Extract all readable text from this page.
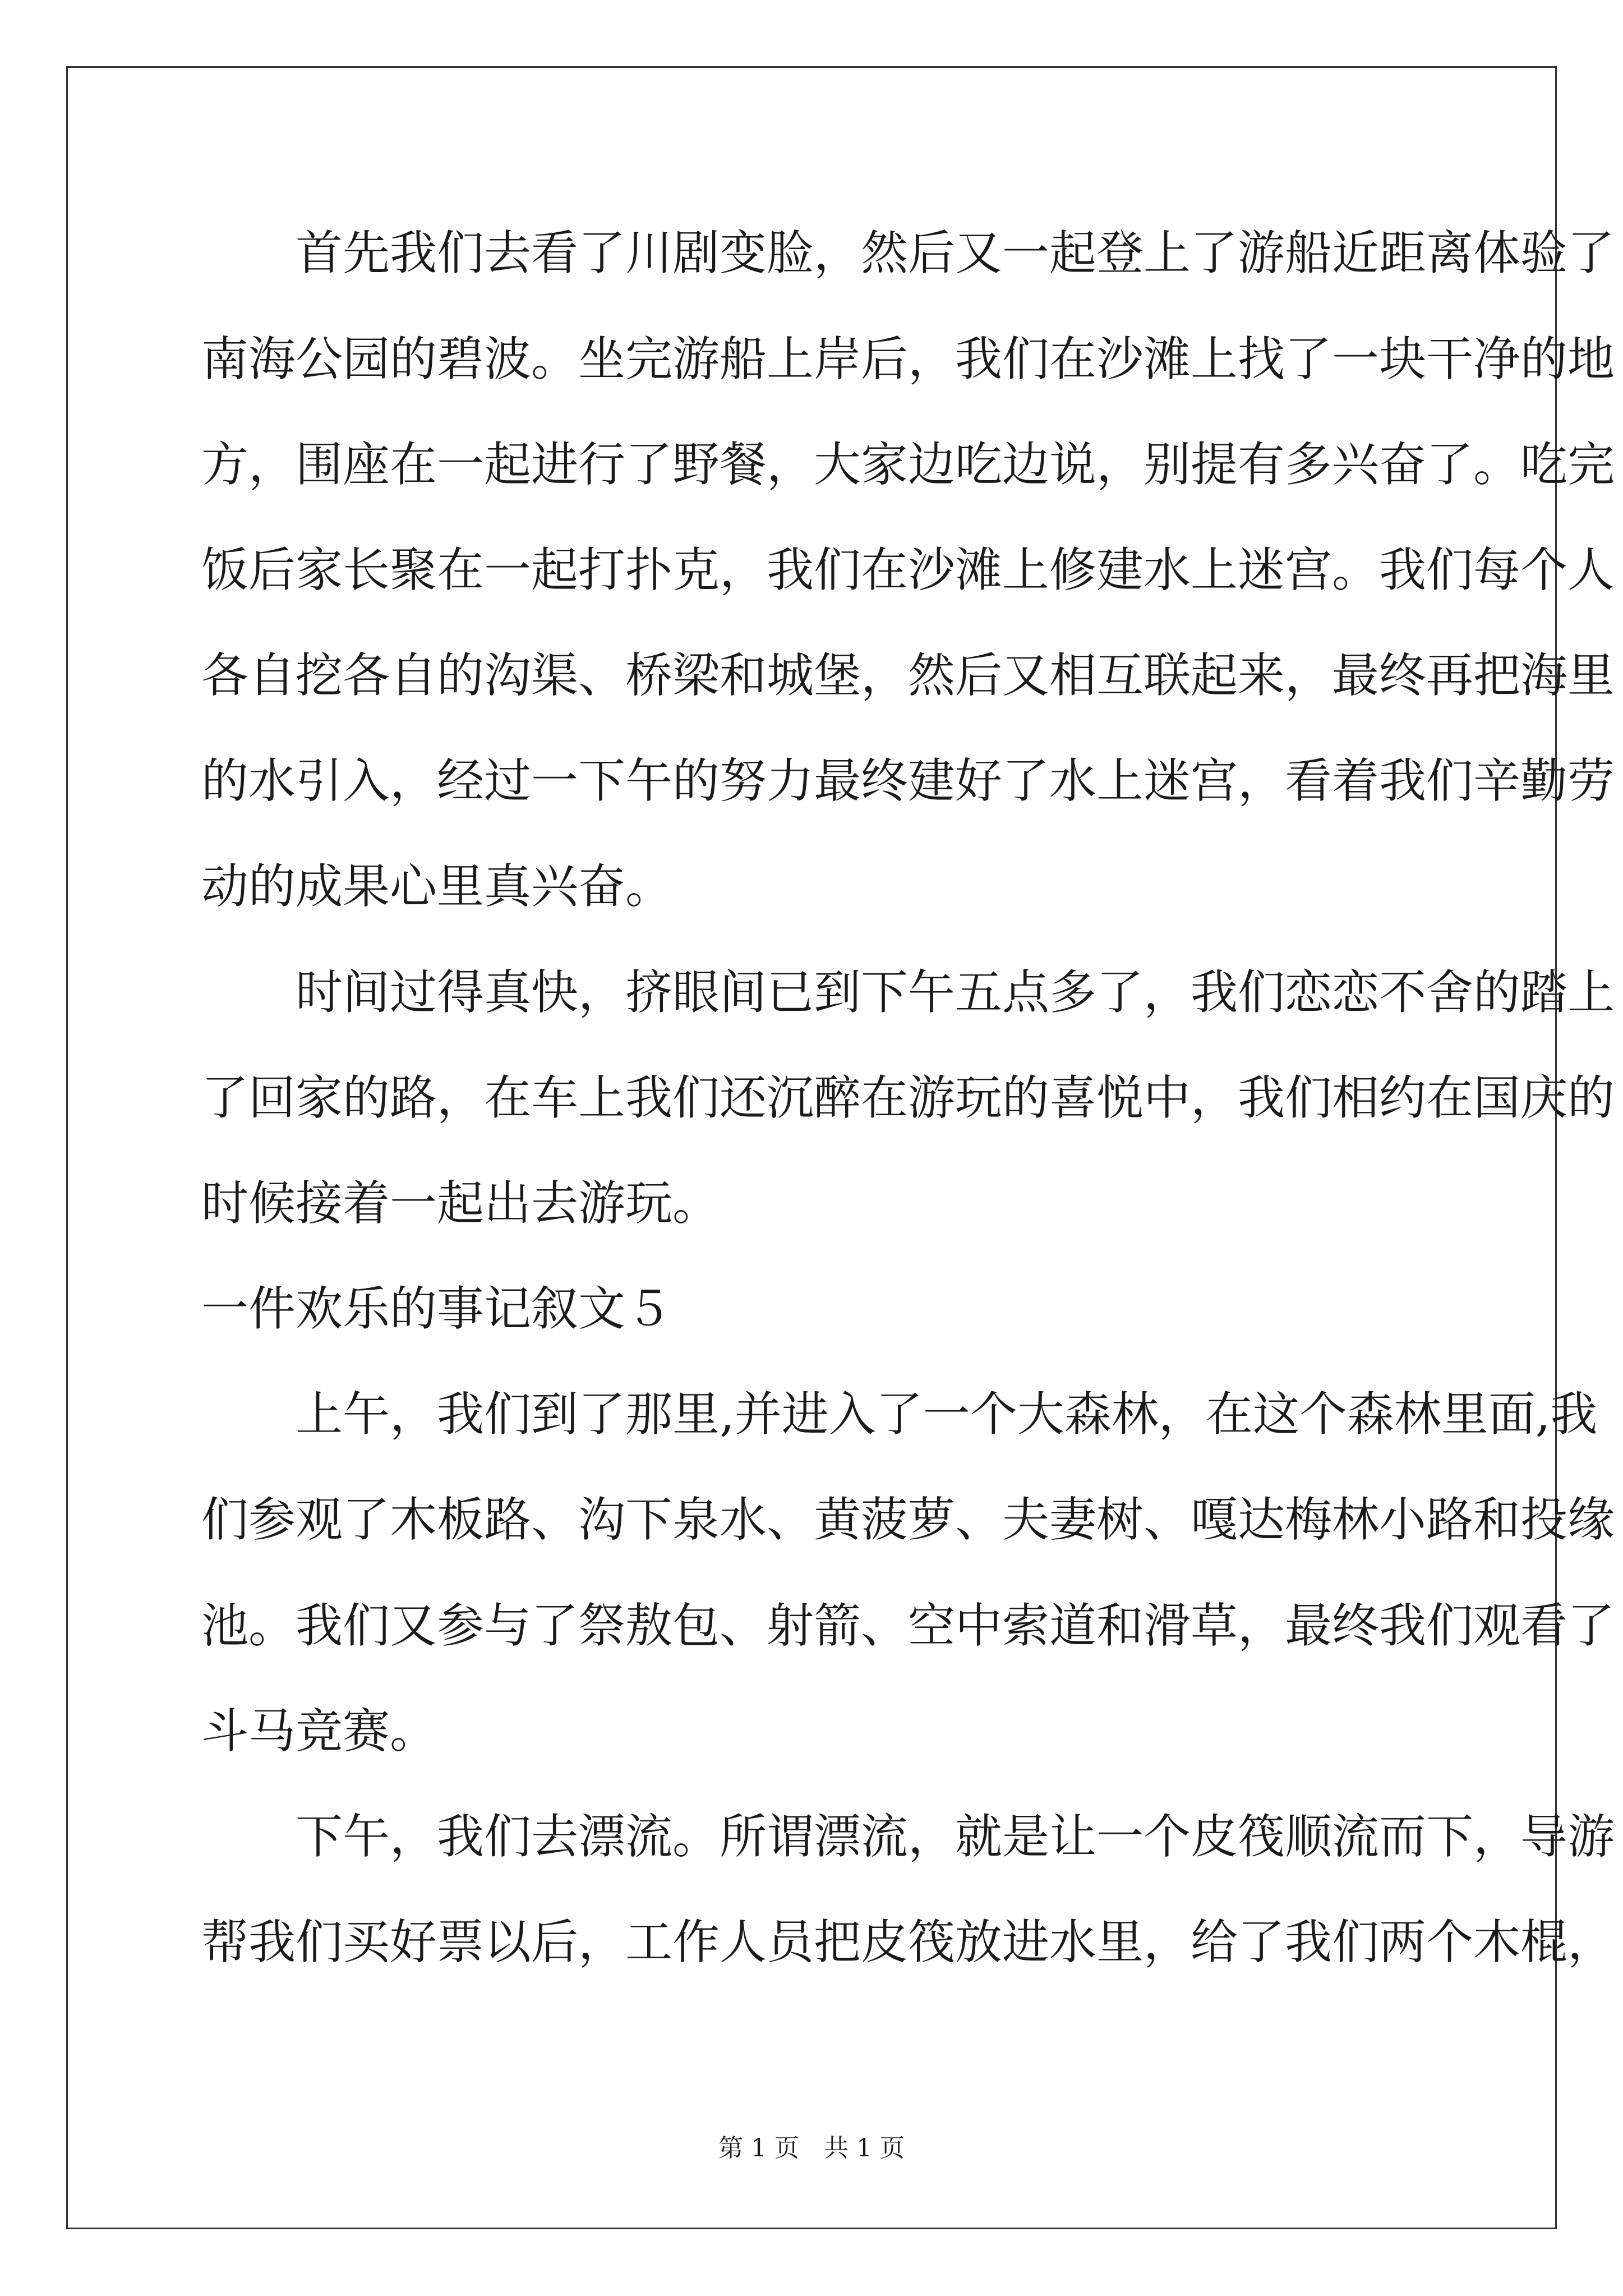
　　首先我们去看了川剧变脸，然后又一起登上了游船近距离体验了
南海公园的碧波。坐完游船上岸后，我们在沙滩上找了一块干净的地
方，围座在一起进行了野餐，大家边吃边说，别提有多兴奋了。吃完
饭后家长聚在一起打扑克，我们在沙滩上修建水上迷宫。我们每个人
各自挖各自的沟渠、桥梁和城堡，然后又相互联起来，最终再把海里
的水引入，经过一下午的努力最终建好了水上迷宫，看着我们辛勤劳
动的成果心里真兴奋。
　　时间过得真快，挤眼间已到下午五点多了，我们恋恋不舍的踏上
了回家的路，在车上我们还沉醉在游玩的喜悦中，我们相约在国庆的
时候接着一起出去游玩。
一件欢乐的事记叙文５
　　上午，我们到了那里,并进入了一个大森林，在这个森林里面,我
们参观了木板路、沟下泉水、黄菠萝、夫妻树、嘎达梅林小路和投缘
池。我们又参与了祭敖包、射箭、空中索道和滑草，最终我们观看了
斗马竞赛。
　　下午，我们去漂流。所谓漂流，就是让一个皮筏顺流而下，导游
帮我们买好票以后，工作人员把皮筏放进水里，给了我们两个木棍，
第 1 页　共 1 页
